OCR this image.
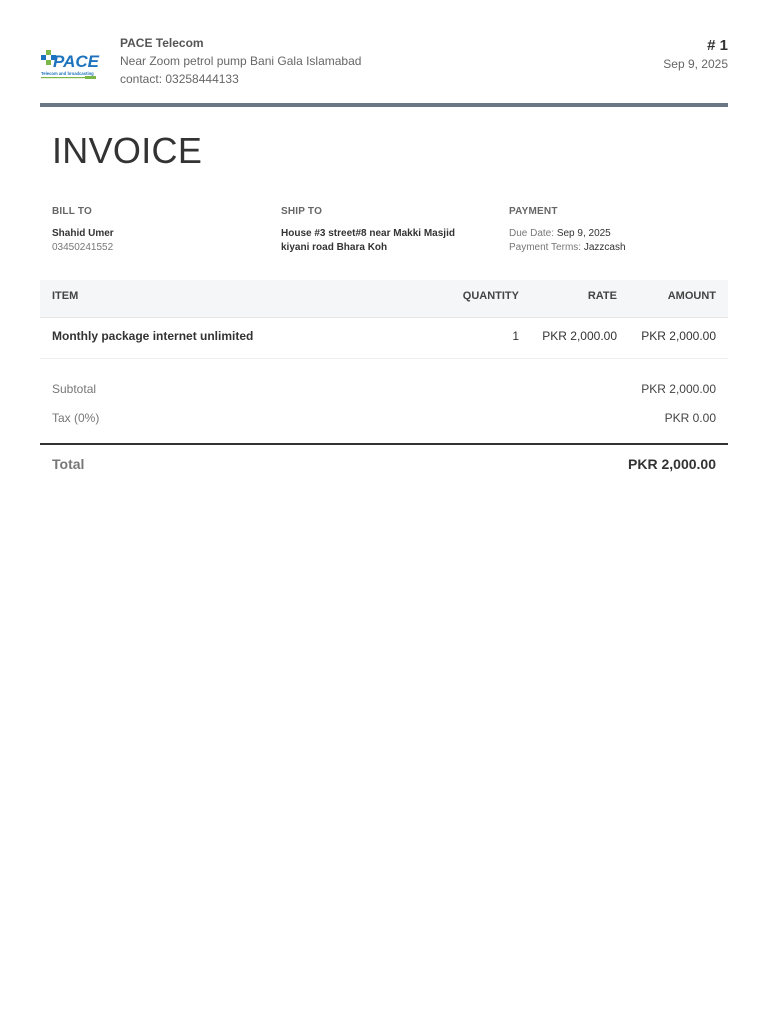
PACE
Telecom and broadcasting
PACE Telecom
Near Zoom petrol pump Bani Gala Islamabad
contact: 03258444133
# 1
Sep 9, 2025
INVOICE
BILL TO
Shahid Umer
03450241552
SHIP TO
House #3 street#8 near Makki Masjid
kiyani road Bhara Koh
PAYMENT
Due Date: Sep 9, 2025
Payment Terms: Jazzcash
ITEM	QUANTITY	RATE	AMOUNT
Monthly package internet unlimited	1 PKR 2,000.00 PKR 2,000.00
Subtotal	PKR 2,000.00
Tax (0%)	PKR 0.00
Total	PKR 2,000.00
